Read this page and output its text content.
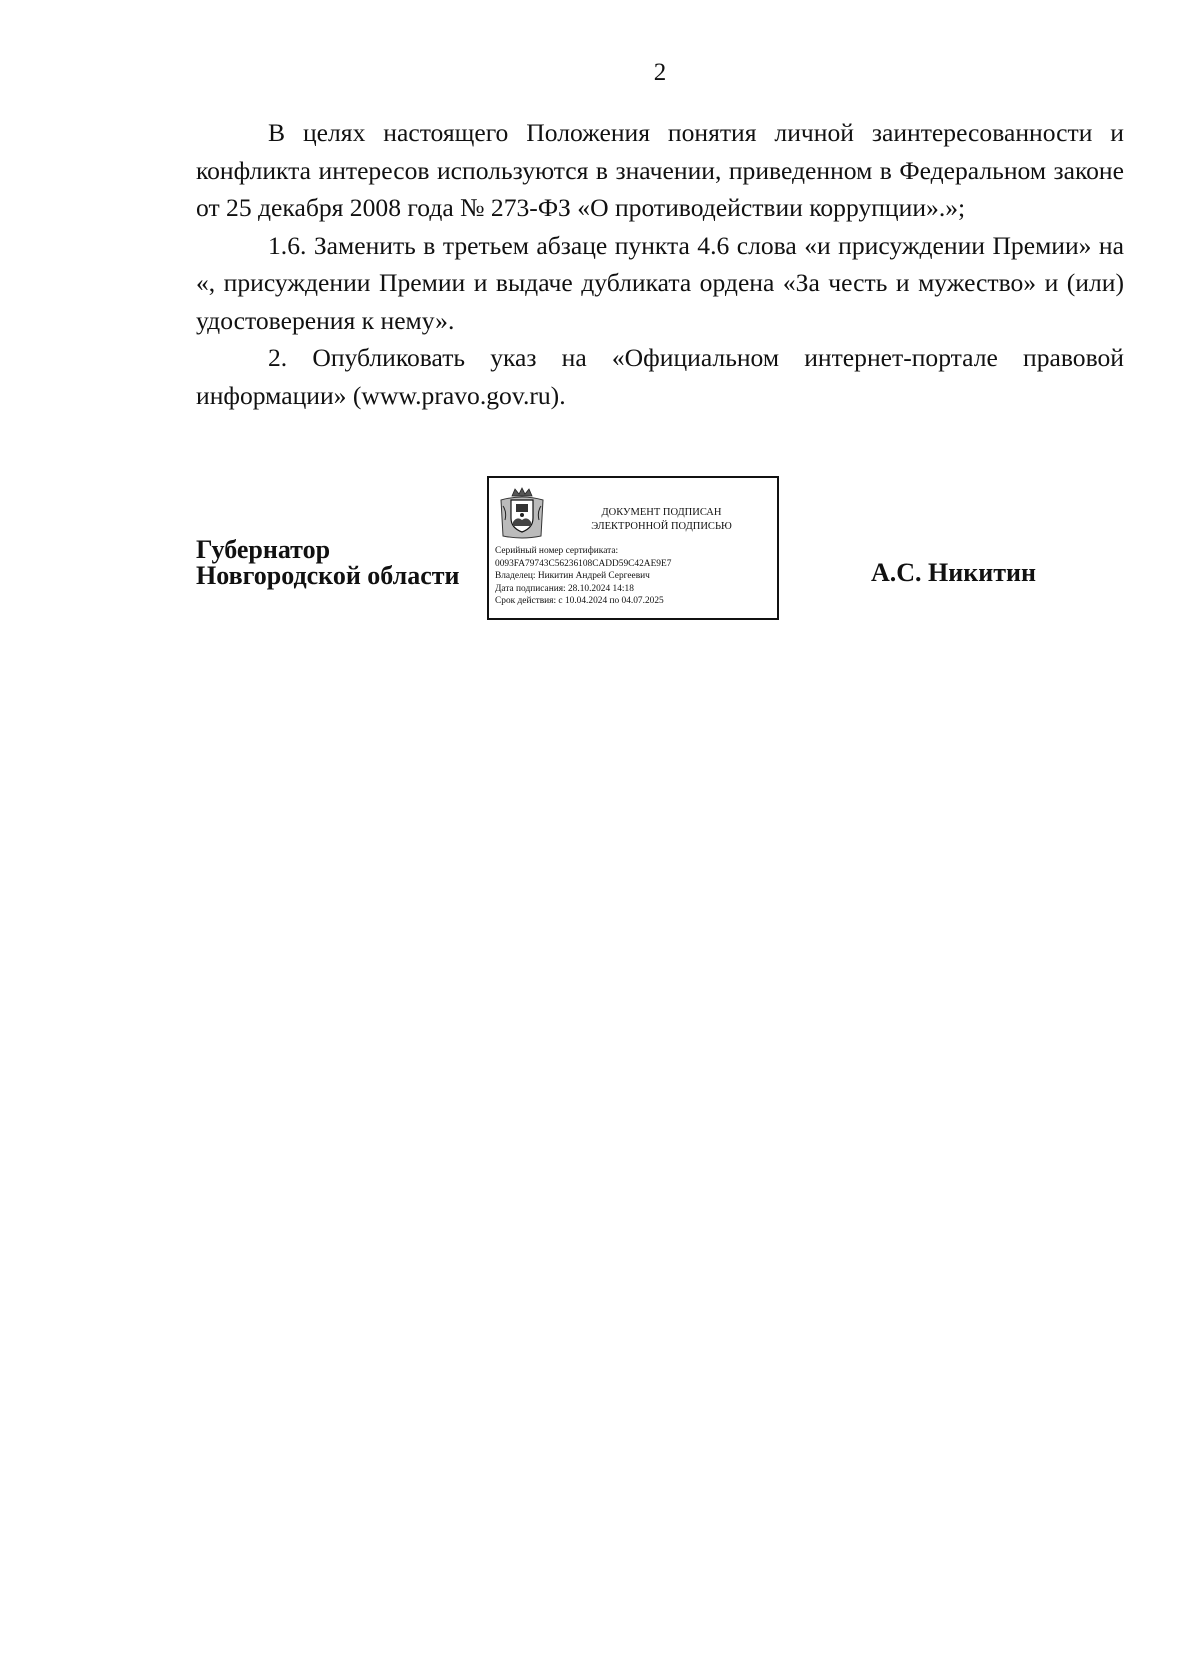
2

В целях настоящего Положения понятия личной заинтересованности и конфликта интересов используются в значении, приведенном в Федеральном законе от 25 декабря 2008 года № 273-ФЗ «О противодействии коррупции».»;

1.6. Заменить в третьем абзаце пункта 4.6 слова «и присуждении Премии» на «, присуждении Премии и выдаче дубликата ордена «За честь и мужество» и (или) удостоверения к нему».

2. Опубликовать указ на «Официальном интернет-портале правовой информации» (www.pravo.gov.ru).

Губернатор
Новгородской области
ДОКУМЕНТ ПОДПИСАН
ЭЛЕКТРОННОЙ ПОДПИСЬЮ
Серийный номер сертификата:
0093FA79743C56236108CADD59C42AE9E7
Владелец: Никитин Андрей Сергеевич
Дата подписания: 28.10.2024 14:18
Срок действия: с 10.04.2024 по 04.07.2025
А.С. Никитин
